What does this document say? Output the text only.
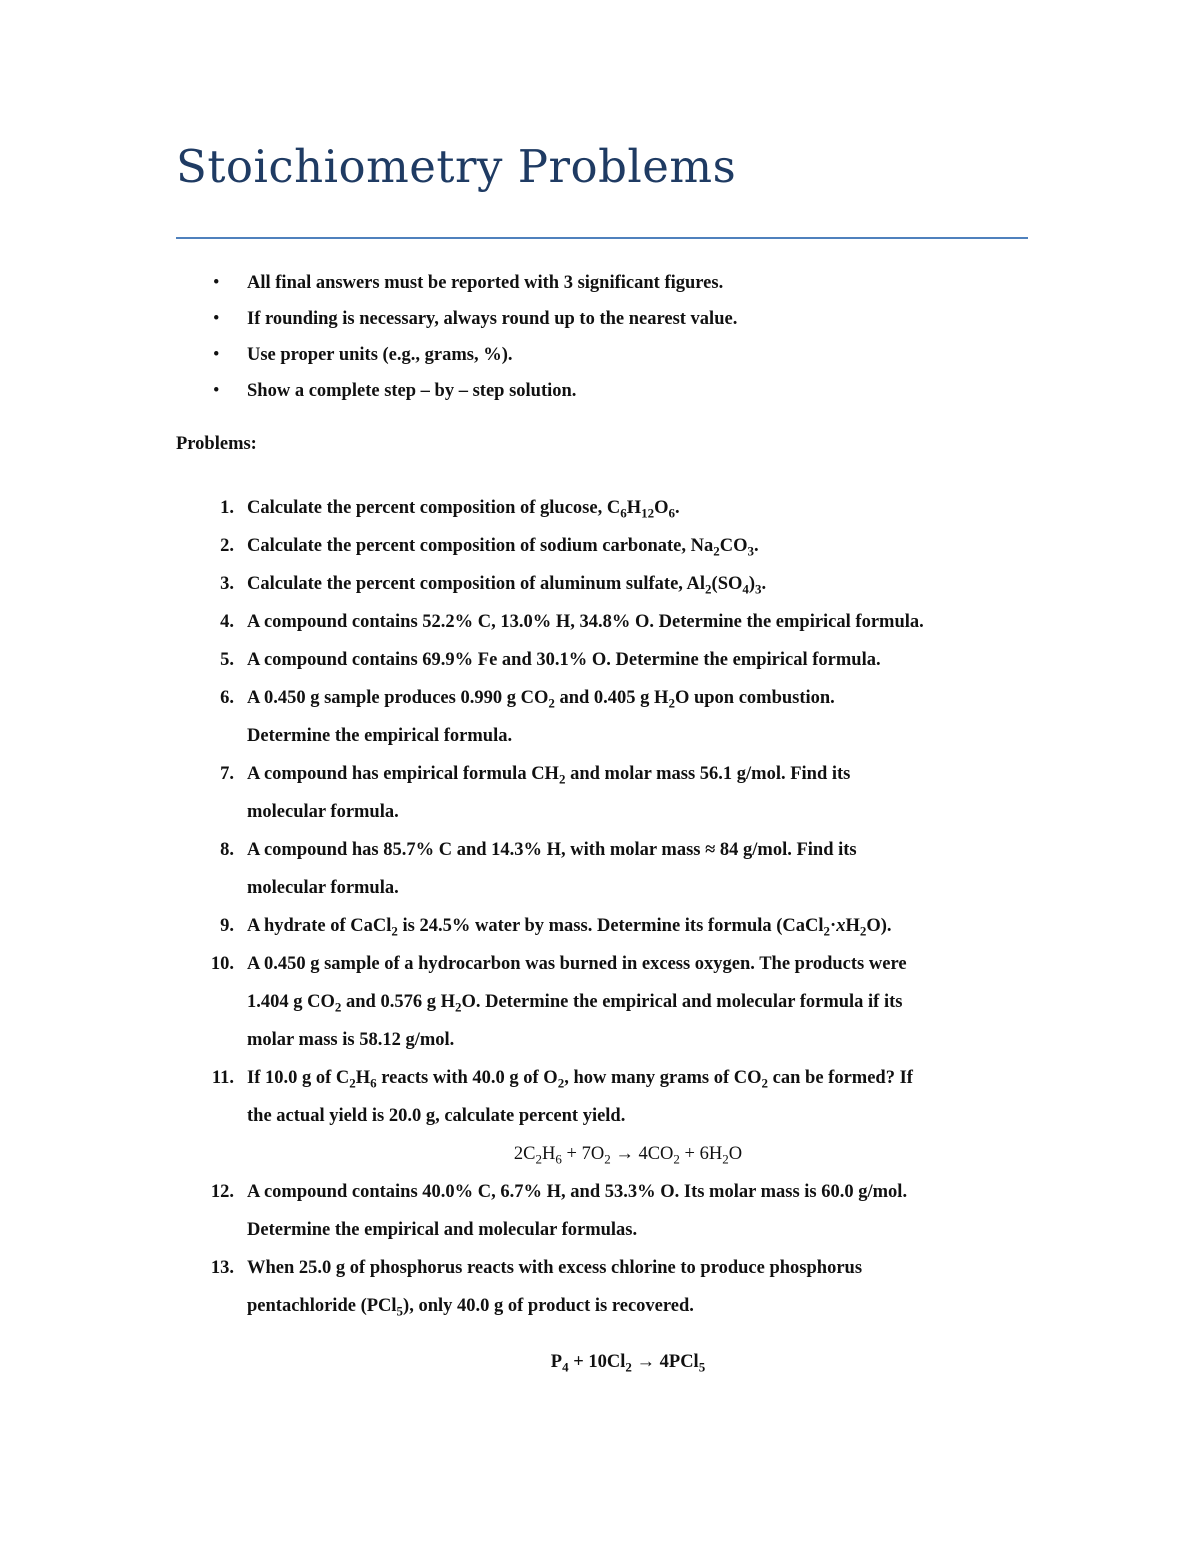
Stoichiometry Problems
• All final answers must be reported with 3 significant figures.
• If rounding is necessary, always round up to the nearest value.
• Use proper units (e.g., grams, %).
• Show a complete step – by – step solution.
Problems:
1. Calculate the percent composition of glucose, $C_6H_{12}O_6$.
2. Calculate the percent composition of sodium carbonate, $Na_2CO_3$.
3. Calculate the percent composition of aluminum sulfate, $Al_2(SO_4)_3$.
4. A compound contains 52.2% C, 13.0% H, 34.8% O. Determine the empirical formula.
5. A compound contains 69.9% Fe and 30.1% O. Determine the empirical formula.
6. A 0.450 g sample produces 0.990 g $CO_2$ and 0.405 g $H_2O$ upon combustion.
Determine the empirical formula.
7. A compound has empirical formula $CH_2$ and molar mass 56.1 g/mol. Find its
molecular formula.
8. A compound has 85.7% C and 14.3% H, with molar mass ≈ 84 g/mol. Find its
molecular formula.
9. A hydrate of CaCl$_2$ is 24.5% water by mass. Determine its formula $(CaCl_2\cdot xH_2O)$.
10. A 0.450 g sample of a hydrocarbon was burned in excess oxygen. The products were
1.404 g $CO_2$ and 0.576 g $H_2O$. Determine the empirical and molecular formula if its
molar mass is 58.12 g/mol.
11. If 10.0 g of $C_2H_6$ reacts with 40.0 g of $O_2$, how many grams of $CO_2$ can be formed? If
the actual yield is 20.0 g, calculate percent yield.
$2C_2H_6 + 7O_2 \to 4CO_2 + 6H_2O$
12. A compound contains 40.0% C, 6.7% H, and 53.3% O. Its molar mass is 60.0 g/mol.
Determine the empirical and molecular formulas.
13. When 25.0 g of phosphorus reacts with excess chlorine to produce phosphorus
pentachloride (PCl$_5$), only 40.0 g of product is recovered.
$P_4 + 10Cl_2 \to 4PCl_5$
